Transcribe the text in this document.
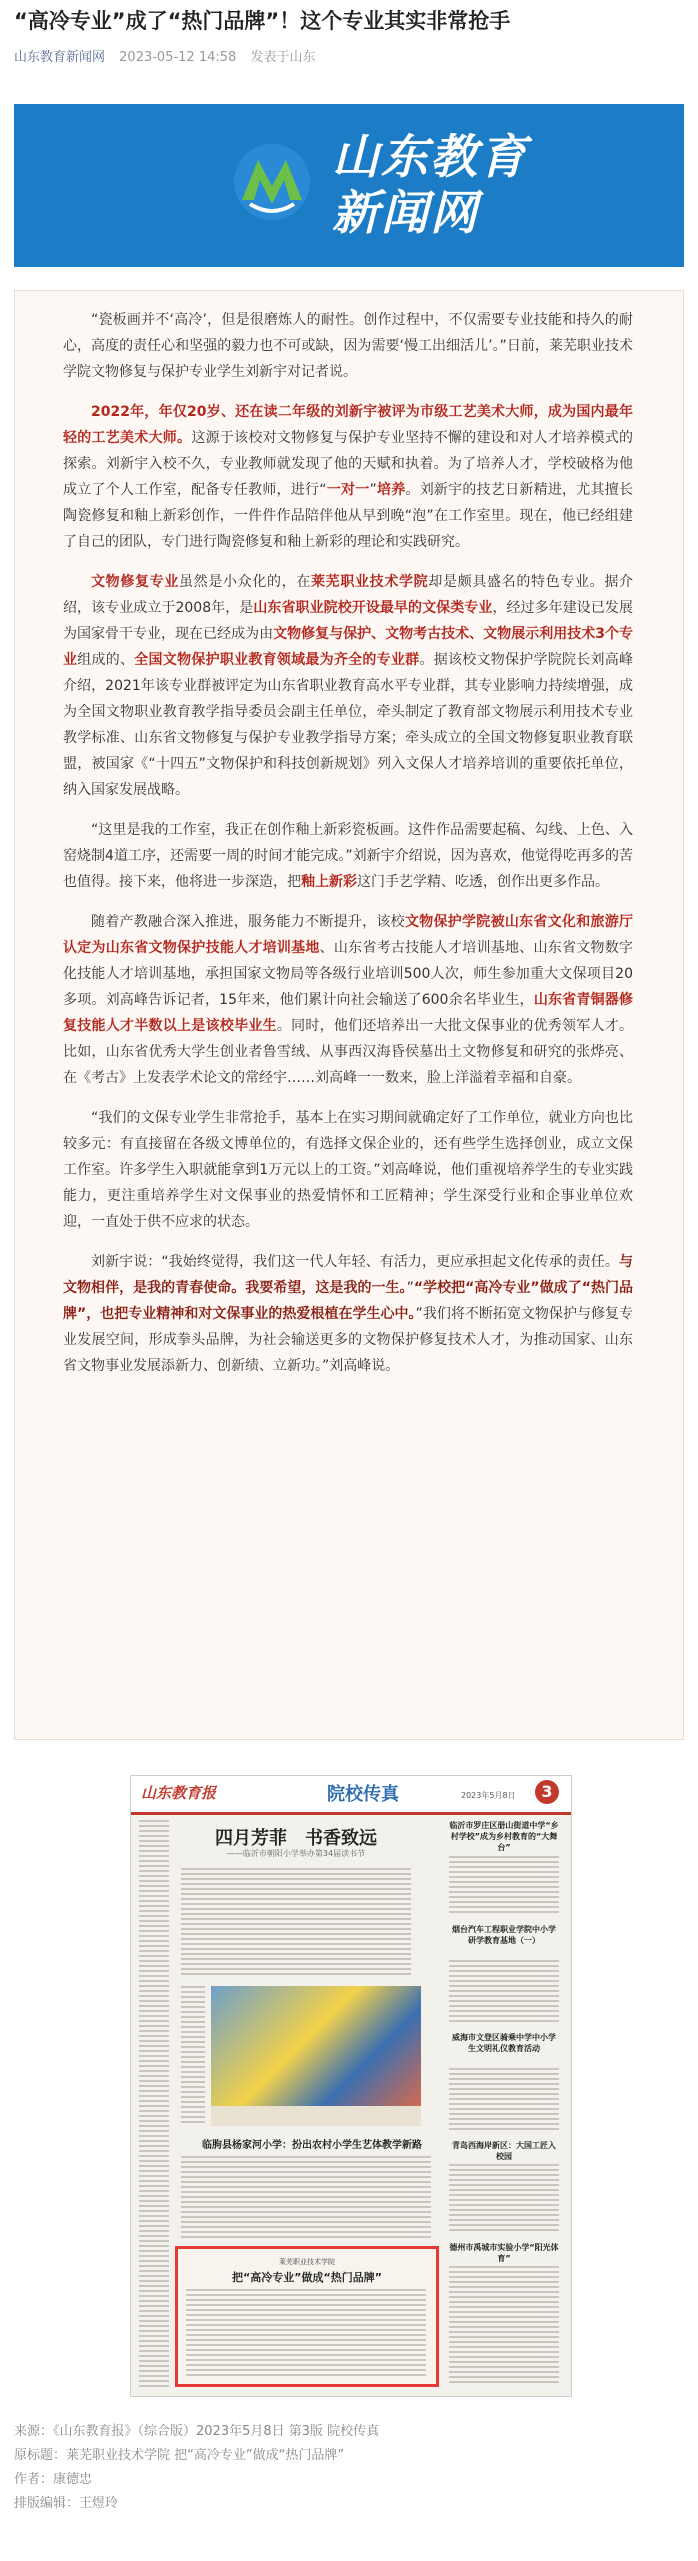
“高冷专业”成了“热门品牌”！这个专业其实非常抢手
山东教育新闻网 2023-05-12 14:58 发表于山东
山东教育
新闻网

“瓷板画并不‘高冷’，但是很磨炼人的耐性。创作过程中，不仅需要专业技能和持久的耐心，高度的责任心和坚强的毅力也不可或缺，因为需要‘慢工出细活儿’。”日前，莱芜职业技术学院文物修复与保护专业学生刘新宇对记者说。

2022年，年仅20岁、还在读二年级的刘新宇被评为市级工艺美术大师，成为国内最年轻的工艺美术大师。这源于该校对文物修复与保护专业坚持不懈的建设和对人才培养模式的探索。刘新宇入校不久，专业教师就发现了他的天赋和执着。为了培养人才，学校破格为他成立了个人工作室，配备专任教师，进行“一对一”培养。刘新宇的技艺日新精进，尤其擅长陶瓷修复和釉上新彩创作，一件件作品陪伴他从早到晚“泡”在工作室里。现在，他已经组建了自己的团队，专门进行陶瓷修复和釉上新彩的理论和实践研究。

文物修复专业虽然是小众化的，在莱芜职业技术学院却是颇具盛名的特色专业。据介绍，该专业成立于2008年，是山东省职业院校开设最早的文保类专业，经过多年建设已发展为国家骨干专业，现在已经成为由文物修复与保护、文物考古技术、文物展示利用技术3个专业组成的、全国文物保护职业教育领域最为齐全的专业群。据该校文物保护学院院长刘高峰介绍，2021年该专业群被评定为山东省职业教育高水平专业群，其专业影响力持续增强，成为全国文物职业教育教学指导委员会副主任单位，牵头制定了教育部文物展示利用技术专业教学标准、山东省文物修复与保护专业教学指导方案；牵头成立的全国文物修复职业教育联盟，被国家《“十四五”文物保护和科技创新规划》列入文保人才培养培训的重要依托单位，纳入国家发展战略。

“这里是我的工作室，我正在创作釉上新彩瓷板画。这件作品需要起稿、勾线、上色、入窑烧制4道工序，还需要一周的时间才能完成。”刘新宇介绍说，因为喜欢，他觉得吃再多的苦也值得。接下来，他将进一步深造，把釉上新彩这门手艺学精、吃透，创作出更多作品。

随着产教融合深入推进，服务能力不断提升，该校文物保护学院被山东省文化和旅游厅认定为山东省文物保护技能人才培训基地、山东省考古技能人才培训基地、山东省文物数字化技能人才培训基地，承担国家文物局等各级行业培训500人次，师生参加重大文保项目20多项。刘高峰告诉记者，15年来，他们累计向社会输送了600余名毕业生，山东省青铜器修复技能人才半数以上是该校毕业生。同时，他们还培养出一大批文保事业的优秀领军人才。比如，山东省优秀大学生创业者鲁雪绒、从事西汉海昏侯墓出土文物修复和研究的张烨亮、在《考古》上发表学术论文的常经宇……刘高峰一一数来，脸上洋溢着幸福和自豪。

“我们的文保专业学生非常抢手，基本上在实习期间就确定好了工作单位，就业方向也比较多元：有直接留在各级文博单位的，有选择文保企业的，还有些学生选择创业，成立文保工作室。许多学生入职就能拿到1万元以上的工资。”刘高峰说，他们重视培养学生的专业实践能力，更注重培养学生对文保事业的热爱情怀和工匠精神；学生深受行业和企事业单位欢迎，一直处于供不应求的状态。

刘新宇说：“我始终觉得，我们这一代人年轻、有活力，更应承担起文化传承的责任。与文物相伴，是我的青春使命。我要希望，这是我的一生。”“学校把“高冷专业”做成了“热门品牌”，也把专业精神和对文保事业的热爱根植在学生心中。”我们将不断拓宽文物保护与修复专业发展空间，形成拳头品牌，为社会输送更多的文物保护修复技术人才，为推动国家、山东省文物事业发展添新力、创新绩、立新功。”刘高峰说。

山东教育报	院校传真	2023年5月8日	3
四月芳菲　书香致远
——临沂市朝阳小学举办第34届读书节
临朐县杨家河小学：扮出农村小学生艺体教学新路
临沂市罗庄区册山街道中学“乡村学校”成为乡村教育的“大舞台”
烟台汽车工程职业学院中小学研学教育基地（一）
威海市文登区骑乘中学中小学生文明礼仪教育活动
青岛西海岸新区：大国工匠入校园
德州市禹城市实验小学“阳光体育”
莱芜职业技术学院
把“高冷专业”做成“热门品牌”
来源：《山东教育报》（综合版）2023年5月8日 第3版 院校传真
原标题：莱芜职业技术学院 把“高冷专业”做成“热门品牌”
作者：康德忠
排版编辑：王煜玲
